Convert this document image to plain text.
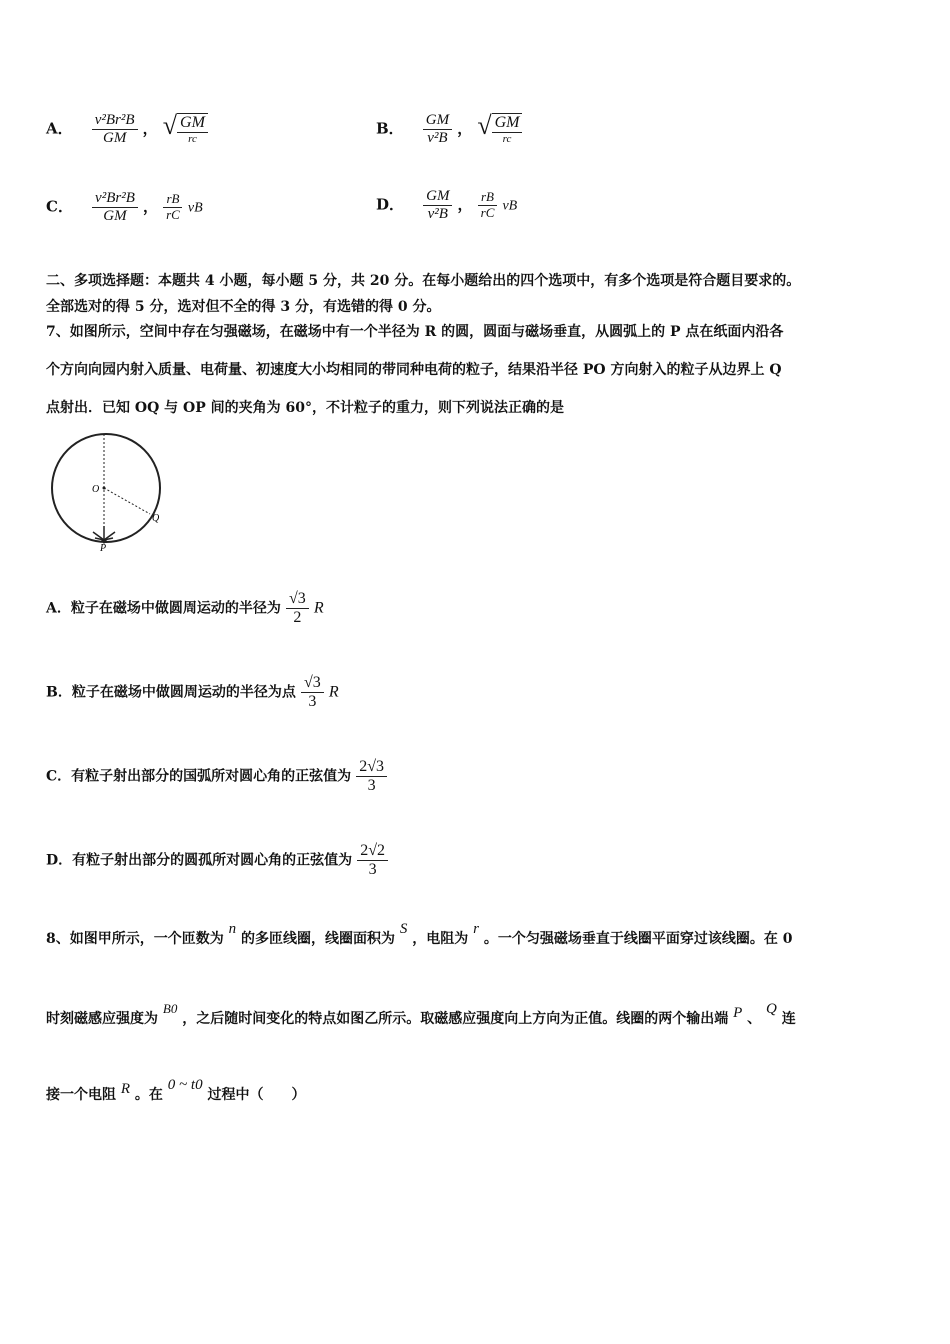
A． $\frac{\text{v²Br²B}}{GM}$ ， √ $\frac{GM}{rc}$	B． $\frac{GM}{\text{v²B}}$ ， √ $\frac{GM}{rc}$
C． $\frac{\text{v²Br²B}}{GM}$ ， $\frac{rB}{rC}$ vB	D． $\frac{GM}{\text{v²B}}$ ， $\frac{rB}{rC}$ vB
二、多项选择题：本题共 4 小题，每小题 5 分，共 20 分。在每小题给出的四个选项中，有多个选项是符合题目要求的。
全部选对的得 5 分，选对但不全的得 3 分，有选错的得 0 分。
7、如图所示，空间中存在匀强磁场，在磁场中有一个半径为 R 的圆，圆面与磁场垂直，从圆弧上的 P 点在纸面内沿各
个方向向园内射入质量、电荷量、初速度大小均相同的带同种电荷的粒子，结果沿半径 PO 方向射入的粒子从边界上 Q
点射出．已知 OQ 与 OP 间的夹角为 60°，不计粒子的重力，则下列说法正确的是
O
Q
P
A．粒子在磁场中做圆周运动的半径为 $\frac{√3}{2}$ R
B．粒子在磁场中做圆周运动的半径为点 $\frac{√3}{3}$ R
C．有粒子射出部分的国弧所对圆心角的正弦值为 $\frac{2√3}{3}$
D．有粒子射出部分的圆孤所对圆心角的正弦值为 $\frac{2√2}{3}$
8、如图甲所示，一个匝数为 n 的多匝线圈，线圈面积为 S ，电阻为 r 。一个匀强磁场垂直于线圈平面穿过该线圈。在 0
时刻磁感应强度为 B0 ，之后随时间变化的特点如图乙所示。取磁感应强度向上方向为正值。线圈的两个输出端 P 、 Q 连
接一个电阻 R 。在 0 ~ t0 过程中（　　）
